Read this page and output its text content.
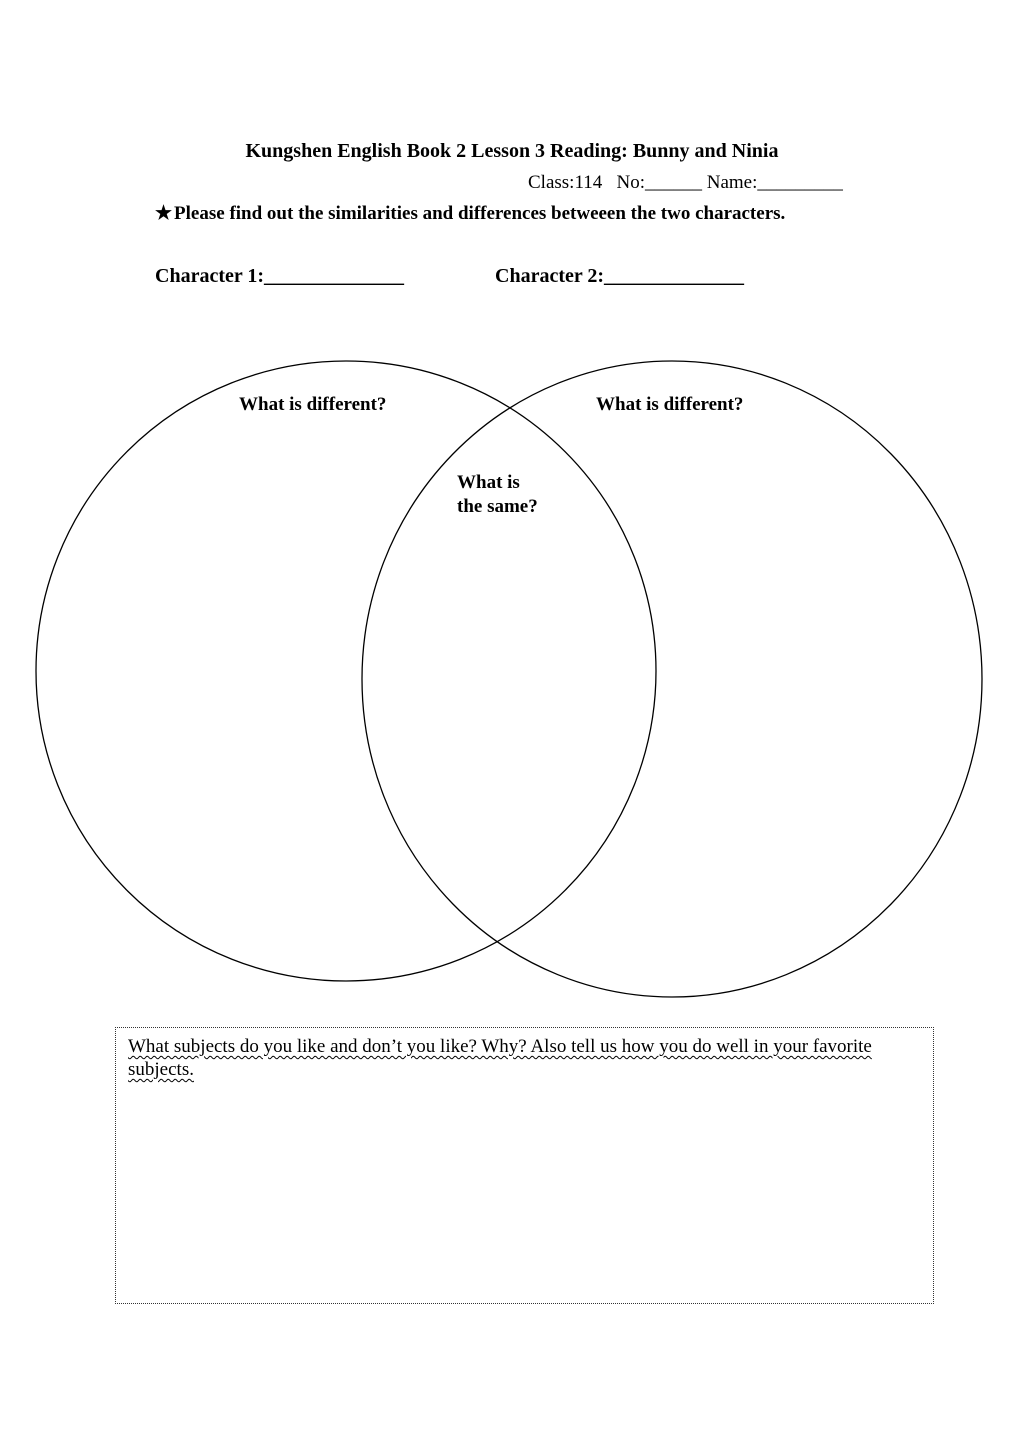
Kungshen English Book 2 Lesson 3 Reading: Bunny and Ninia
Class:114   No:______ Name:_________
★ Please find out the similarities and differences betweeen the two characters.
Character 1:______________	Character 2:______________
What is different?	What is different?
What is
the same?
What subjects do you like and don’t you like? Why? Also tell us how you do well in your favorite subjects.
